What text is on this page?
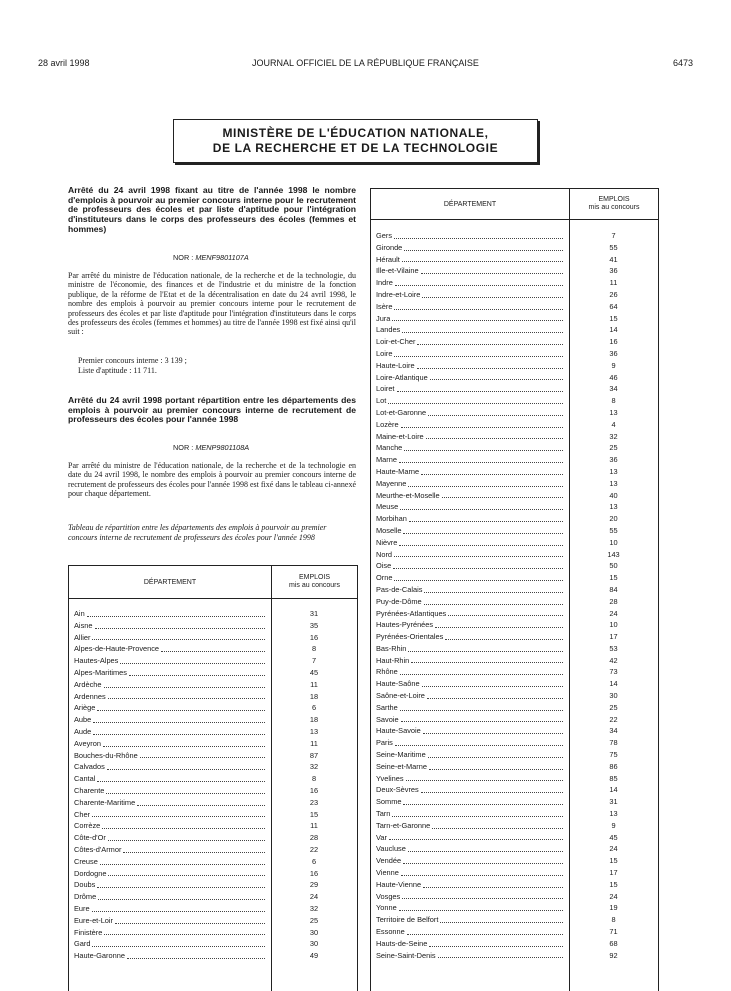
28 avril 1998	JOURNAL OFFICIEL DE LA RÉPUBLIQUE FRANÇAISE	6473
MINISTÈRE DE L'ÉDUCATION NATIONALE,
DE LA RECHERCHE ET DE LA TECHNOLOGIE

Arrêté du 24 avril 1998 fixant au titre de l'année 1998 le nombre d'emplois à pourvoir au premier concours interne pour le recrutement de professeurs des écoles et par liste d'aptitude pour l'intégration d'instituteurs dans le corps des professeurs des écoles (femmes et hommes)

NOR : MENF9801107A

Par arrêté du ministre de l'éducation nationale, de la recherche et de la technologie, du ministre de l'économie, des finances et de l'industrie et du ministre de la fonction publique, de la réforme de l'Etat et de la décentralisation en date du 24 avril 1998, le nombre des emplois à pourvoir au premier concours interne pour le recrutement de professeurs des écoles et par liste d'aptitude pour l'intégration d'instituteurs dans le corps des professeurs des écoles (femmes et hommes) au titre de l'année 1998 est fixé ainsi qu'il suit :

Premier concours interne : 3 139 ;

Liste d'aptitude : 11 711.

Arrêté du 24 avril 1998 portant répartition entre les départements des emplois à pourvoir au premier concours interne de recrutement de professeurs des écoles pour l'année 1998

NOR : MENP9801108A

Par arrêté du ministre de l'éducation nationale, de la recherche et de la technologie en date du 24 avril 1998, le nombre des emplois à pourvoir au premier concours interne de recrutement de professeurs des écoles pour l'année 1998 est fixé dans le tableau ci-annexé pour chaque département.

Tableau de répartition entre les départements des emplois à pourvoir au premier concours interne de recrutement de professeurs des écoles pour l'année 1998

DÉPARTEMENT
EMPLOIS
mis au concours
Ain	31
Aisne	35
Allier	16
Alpes-de-Haute-Provence	8
Hautes-Alpes	7
Alpes-Maritimes	45
Ardèche	11
Ardennes	18
Ariège	6
Aube	18
Aude	13
Aveyron	11
Bouches-du-Rhône	87
Calvados	32
Cantal	8
Charente	16
Charente-Maritime	23
Cher	15
Corrèze	11
Côte-d'Or	28
Côtes-d'Armor	22
Creuse	6
Dordogne	16
Doubs	29
Drôme	24
Eure	32
Eure-et-Loir	25
Finistère	30
Gard	30
Haute-Garonne	49
DÉPARTEMENT
EMPLOIS
mis au concours
Gers	7
Gironde	55
Hérault	41
Ille-et-Vilaine	36
Indre	11
Indre-et-Loire	26
Isère	64
Jura	15
Landes	14
Loir-et-Cher	16
Loire	36
Haute-Loire	9
Loire-Atlantique	46
Loiret	34
Lot	8
Lot-et-Garonne	13
Lozère	4
Maine-et-Loire	32
Manche	25
Marne	36
Haute-Marne	13
Mayenne	13
Meurthe-et-Moselle	40
Meuse	13
Morbihan	20
Moselle	55
Nièvre	10
Nord	143
Oise	50
Orne	15
Pas-de-Calais	84
Puy-de-Dôme	28
Pyrénées-Atlantiques	24
Hautes-Pyrénées	10
Pyrénées-Orientales	17
Bas-Rhin	53
Haut-Rhin	42
Rhône	73
Haute-Saône	14
Saône-et-Loire	30
Sarthe	25
Savoie	22
Haute-Savoie	34
Paris	78
Seine-Maritime	75
Seine-et-Marne	86
Yvelines	85
Deux-Sèvres	14
Somme	31
Tarn	13
Tarn-et-Garonne	9
Var	45
Vaucluse	24
Vendée	15
Vienne	17
Haute-Vienne	15
Vosges	24
Yonne	19
Territoire de Belfort	8
Essonne	71
Hauts-de-Seine	68
Seine-Saint-Denis	92
